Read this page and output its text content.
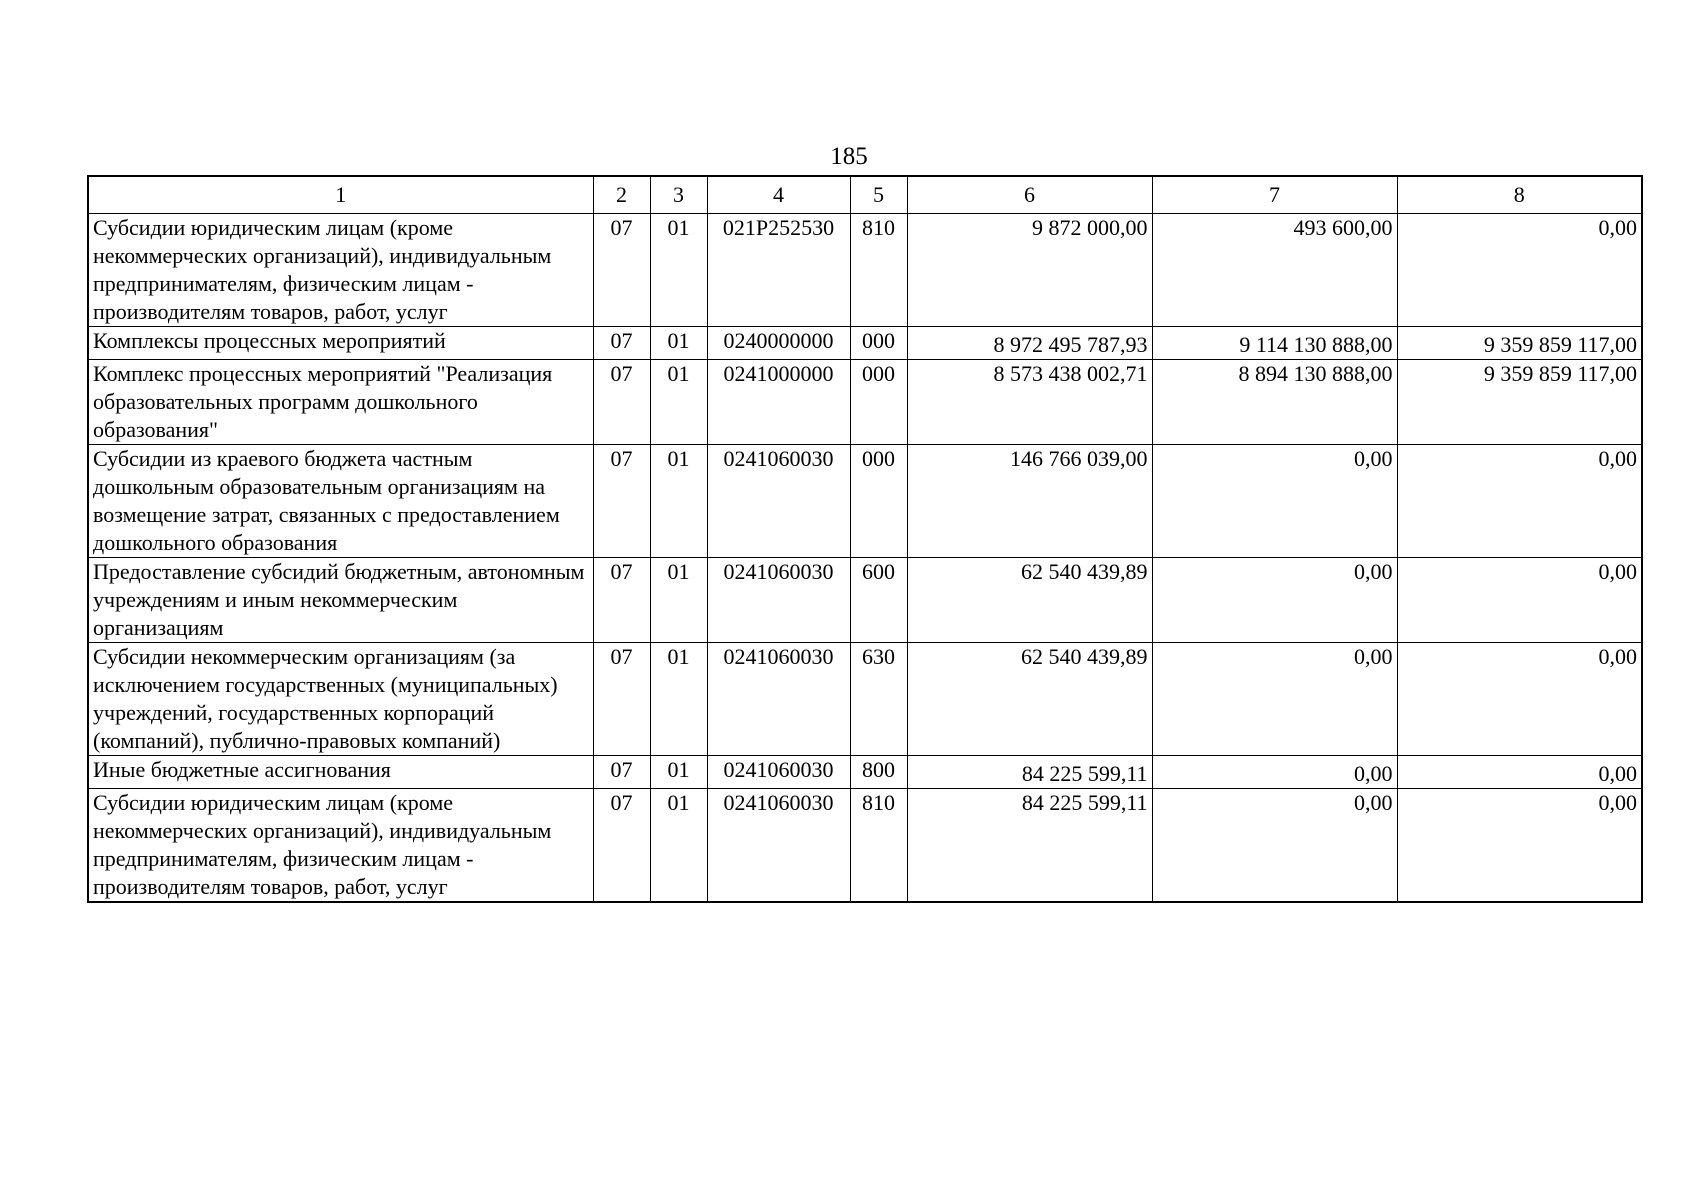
185
1	2	3	4	5	6	7	8
Субсидии юридическим лицам (кроме некоммерческих организаций), индивидуальным предпринимателям, физическим лицам - производителям товаров, работ, услуг	07	01	021P252530	810	9 872 000,00	493 600,00	0,00
Комплексы процессных мероприятий	07	01	0240000000	000	8 972 495 787,93	9 114 130 888,00	9 359 859 117,00
Комплекс процессных мероприятий "Реализация образовательных программ дошкольного образования"	07	01	0241000000	000	8 573 438 002,71	8 894 130 888,00	9 359 859 117,00
Субсидии из краевого бюджета частным дошкольным образовательным организациям на возмещение затрат, связанных с предоставлением дошкольного образования	07	01	0241060030	000	146 766 039,00	0,00	0,00
Предоставление субсидий бюджетным, автономным учреждениям и иным некоммерческим организациям	07	01	0241060030	600	62 540 439,89	0,00	0,00
Субсидии некоммерческим организациям (за исключением государственных (муниципальных) учреждений, государственных корпораций (компаний), публично-правовых компаний)	07	01	0241060030	630	62 540 439,89	0,00	0,00
Иные бюджетные ассигнования	07	01	0241060030	800	84 225 599,11	0,00	0,00
Субсидии юридическим лицам (кроме некоммерческих организаций), индивидуальным предпринимателям, физическим лицам - производителям товаров, работ, услуг	07	01	0241060030	810	84 225 599,11	0,00	0,00
